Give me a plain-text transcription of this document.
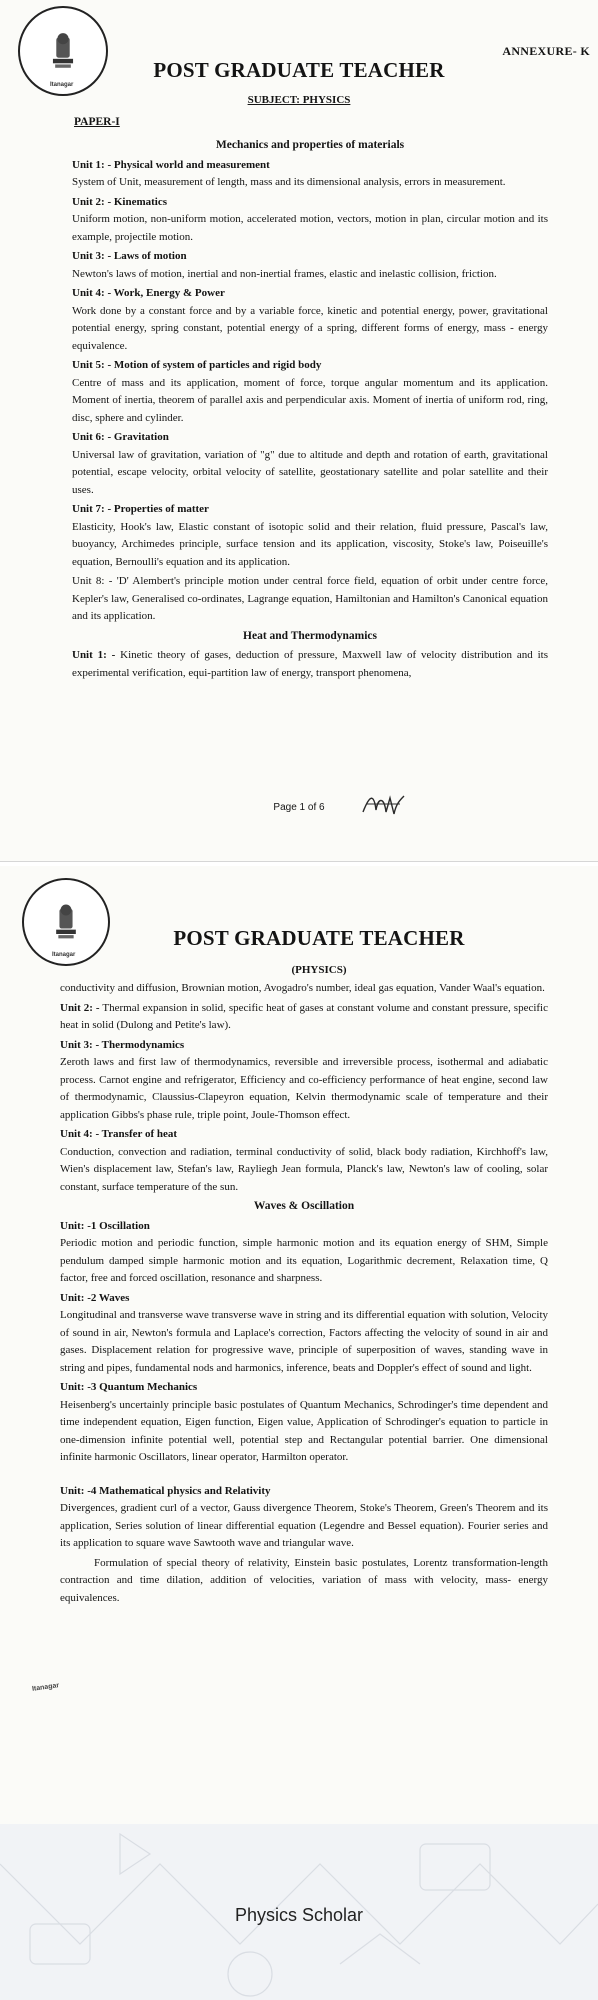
Itanagar
ANNEXURE- K
POST GRADUATE TEACHER
SUBJECT: PHYSICS
PAPER-I
Mechanics and properties of materials
Unit 1: - Physical world and measurement
System of Unit, measurement of length, mass and its dimensional analysis, errors in measurement.
Unit 2: - Kinematics
Uniform motion, non-uniform motion, accelerated motion, vectors, motion in plan, circular motion and its example, projectile motion.
Unit 3: - Laws of motion
Newton's laws of motion, inertial and non-inertial frames, elastic and inelastic collision, friction.
Unit 4: - Work, Energy & Power
Work done by a constant force and by a variable force, kinetic and potential energy, power, gravitational potential energy, spring constant, potential energy of a spring, different forms of energy, mass - energy equivalence.
Unit 5: - Motion of system of particles and rigid body
Centre of mass and its application, moment of force, torque angular momentum and its application. Moment of inertia, theorem of parallel axis and perpendicular axis. Moment of inertia of uniform rod, ring, disc, sphere and cylinder.
Unit 6: - Gravitation
Universal law of gravitation, variation of "g" due to altitude and depth and rotation of earth, gravitational potential, escape velocity, orbital velocity of satellite, geostationary satellite and polar satellite and their uses.
Unit 7: - Properties of matter
Elasticity, Hook's law, Elastic constant of isotopic solid and their relation, fluid pressure, Pascal's law, buoyancy, Archimedes principle, surface tension and its application, viscosity, Stoke's law, Poiseuille's equation, Bernoulli's equation and its application.
Unit 8: - 'D' Alembert's principle motion under central force field, equation of orbit under centre force, Kepler's law, Generalised co-ordinates, Lagrange equation, Hamiltonian and Hamilton's Canonical equation and its application.
Heat and Thermodynamics
Unit 1: - Kinetic theory of gases, deduction of pressure, Maxwell law of velocity distribution and its experimental verification, equi-partition law of energy, transport phenomena,
Page 1 of 6
Itanagar
POST GRADUATE TEACHER
(PHYSICS)
conductivity and diffusion, Brownian motion, Avogadro's number, ideal gas equation, Vander Waal's equation.
Unit 2: - Thermal expansion in solid, specific heat of gases at constant volume and constant pressure, specific heat in solid (Dulong and Petite's law).
Unit 3: - Thermodynamics
Zeroth laws and first law of thermodynamics, reversible and irreversible process, isothermal and adiabatic process. Carnot engine and refrigerator, Efficiency and co-efficiency performance of heat engine, second law of thermodynamic, Claussius-Clapeyron equation, Kelvin thermodynamic scale of temperature and their application Gibbs's phase rule, triple point, Joule-Thomson effect.
Unit 4: - Transfer of heat
Conduction, convection and radiation, terminal conductivity of solid, black body radiation, Kirchhoff's law, Wien's displacement law, Stefan's law, Rayliegh Jean formula, Planck's law, Newton's law of cooling, solar constant, surface temperature of the sun.
Waves & Oscillation
Unit: -1 Oscillation
Periodic motion and periodic function, simple harmonic motion and its equation energy of SHM, Simple pendulum damped simple harmonic motion and its equation, Logarithmic decrement, Relaxation time, Q factor, free and forced oscillation, resonance and sharpness.
Unit: -2 Waves
Longitudinal and transverse wave transverse wave in string and its differential equation with solution, Velocity of sound in air, Newton's formula and Laplace's correction, Factors affecting the velocity of sound in air and gases. Displacement relation for progressive wave, principle of superposition of waves, standing wave in string and pipes, fundamental nods and harmonics, inference, beats and Doppler's effect of sound and light.
Unit: -3 Quantum Mechanics
Heisenberg's uncertainly principle basic postulates of Quantum Mechanics, Schrodinger's time dependent and time independent equation, Eigen function, Eigen value, Application of Schrodinger's equation to particle in one-dimension infinite potential well, potential step and Rectangular potential barrier. One dimensional infinite harmonic Oscillators, linear operator, Harmilton operator.
Unit: -4 Mathematical physics and Relativity
Divergences, gradient curl of a vector, Gauss divergence Theorem, Stoke's Theorem, Green's Theorem and its application, Series solution of linear differential equation (Legendre and Bessel equation). Fourier series and its application to square wave Sawtooth wave and triangular wave.
Formulation of special theory of relativity, Einstein basic postulates, Lorentz transformation-length contraction and time dilation, addition of velocities, variation of mass with velocity, mass- energy equivalences.
Itanagar
Physics Scholar
